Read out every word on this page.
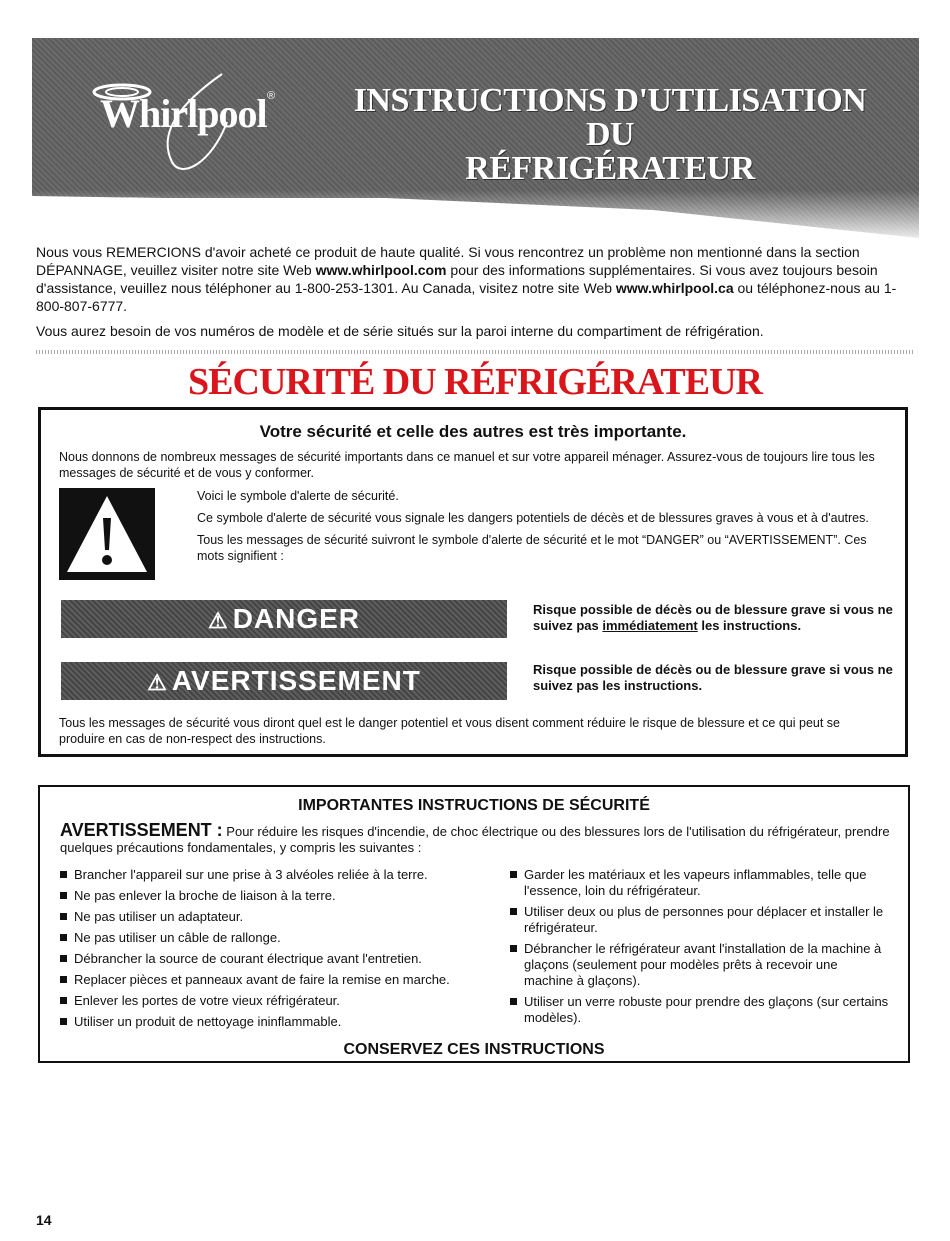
Whirlpool ®	INSTRUCTIONS D'UTILISATION DU
RÉFRIGÉRATEUR

Nous vous REMERCIONS d'avoir acheté ce produit de haute qualité. Si vous rencontrez un problème non mentionné dans la section DÉPANNAGE, veuillez visiter notre site Web www.whirlpool.com pour des informations supplémentaires. Si vous avez toujours besoin d'assistance, veuillez nous téléphoner au 1-800-253-1301. Au Canada, visitez notre site Web www.whirlpool.ca ou téléphonez-nous au 1-800-807-6777.

Vous aurez besoin de vos numéros de modèle et de série situés sur la paroi interne du compartiment de réfrigération.

SÉCURITÉ DU RÉFRIGÉRATEUR
Votre sécurité et celle des autres est très importante.
Nous donnons de nombreux messages de sécurité importants dans ce manuel et sur votre appareil ménager. Assurez-vous de toujours lire tous les messages de sécurité et de vous y conformer.

Voici le symbole d'alerte de sécurité.

Ce symbole d'alerte de sécurité vous signale les dangers potentiels de décès et de blessures graves à vous et à d'autres.

Tous les messages de sécurité suivront le symbole d'alerte de sécurité et le mot “DANGER” ou “AVERTISSEMENT”. Ces mots signifient :

⚠ DANGER	Risque possible de décès ou de blessure grave si vous ne suivez pas immédiatement les instructions.
⚠ AVERTISSEMENT	Risque possible de décès ou de blessure grave si vous ne suivez pas les instructions.
Tous les messages de sécurité vous diront quel est le danger potentiel et vous disent comment réduire le risque de blessure et ce qui peut se produire en cas de non-respect des instructions.
IMPORTANTES INSTRUCTIONS DE SÉCURITÉ
AVERTISSEMENT : Pour réduire les risques d'incendie, de choc électrique ou des blessures lors de l'utilisation du réfrigérateur, prendre quelques précautions fondamentales, y compris les suivantes :
Brancher l'appareil sur une prise à 3 alvéoles reliée à la terre.
Ne pas enlever la broche de liaison à la terre.
Ne pas utiliser un adaptateur.
Ne pas utiliser un câble de rallonge.
Débrancher la source de courant électrique avant l'entretien.
Replacer pièces et panneaux avant de faire la remise en marche.
Enlever les portes de votre vieux réfrigérateur.
Utiliser un produit de nettoyage ininflammable.
Garder les matériaux et les vapeurs inflammables, telle que l'essence, loin du réfrigérateur.
Utiliser deux ou plus de personnes pour déplacer et installer le réfrigérateur.
Débrancher le réfrigérateur avant l'installation de la machine à glaçons (seulement pour modèles prêts à recevoir une machine à glaçons).
Utiliser un verre robuste pour prendre des glaçons (sur certains modèles).
CONSERVEZ CES INSTRUCTIONS
14
